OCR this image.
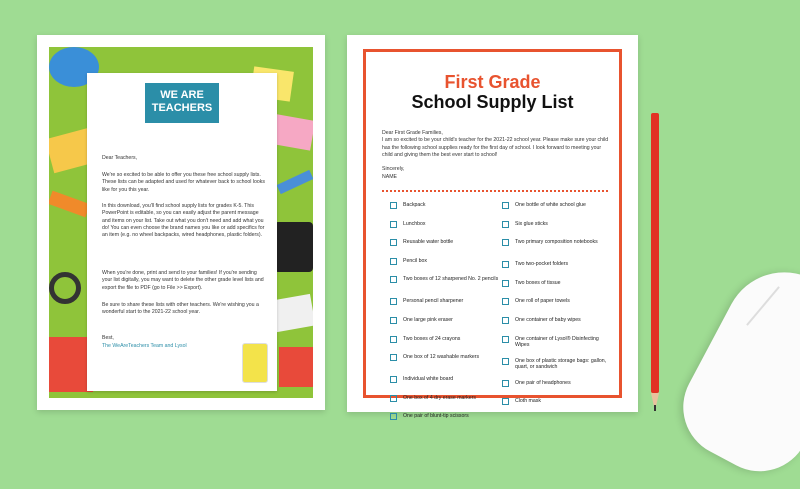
WE ARE
TEACHERS
Dear Teachers,
We're so excited to be able to offer you these free school supply lists. These lists can be adapted and used for whatever back to school looks like for you this year.
In this download, you'll find school supply lists for grades K-5. This PowerPoint is editable, so you can easily adjust the parent message and items on your list. Take out what you don't need and add what you do! You can even choose the brand names you like or add specifics for an item (e.g. no wheel backpacks, wired headphones, plastic folders).
When you're done, print and send to your families! If you're sending your list digitally, you may want to delete the other grade level lists and export the file to PDF (go to File >> Export).
Be sure to share these lists with other teachers. We're wishing you a wonderful start to the 2021-22 school year.
Best,
The WeAreTeachers Team and Lysol
First Grade
School Supply List
Dear First Grade Families,
I am so excited to be your child's teacher for the 2021-22 school year. Please make sure your child has the following school supplies ready for the first day of school. I look forward to meeting your child and giving them the best ever start to school!
Sincerely,
NAME
Backpack
Lunchbox
Reusable water bottle
Pencil box
Two boxes of 12 sharpened No. 2 pencils
Personal pencil sharpener
One large pink eraser
Two boxes of 24 crayons
One box of 12 washable markers
Individual white board
One box of 4 dry erase markers
One pair of blunt-tip scissors
One bottle of white school glue
Six glue sticks
Two primary composition notebooks
Two two-pocket folders
Two boxes of tissue
One roll of paper towels
One container of baby wipes
One container of Lysol® Disinfecting Wipes
One box of plastic storage bags: gallon, quart, or sandwich
One pair of headphones
Cloth mask
